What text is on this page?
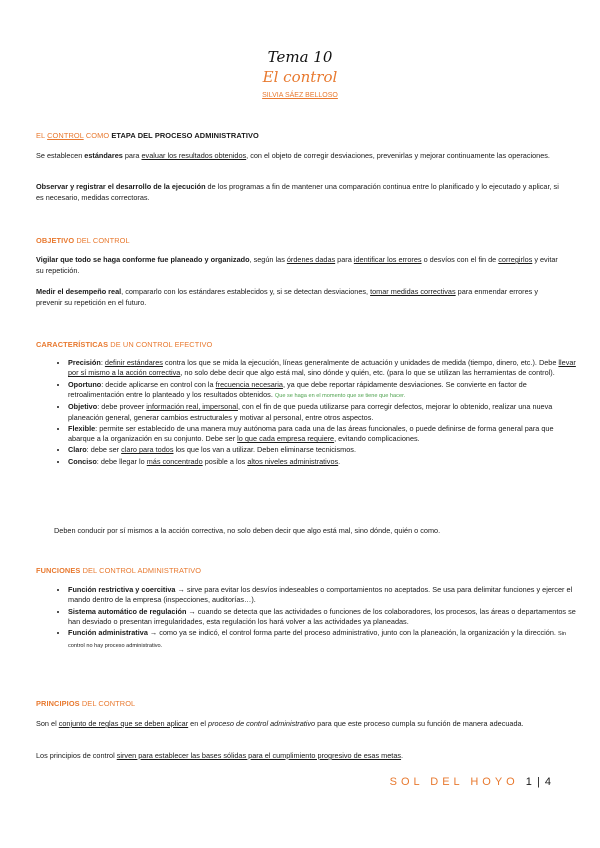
Tema 10
El control
SILVIA SÁEZ BELLOSO
EL CONTROL COMO ETAPA DEL PROCESO ADMINISTRATIVO
Se establecen estándares para evaluar los resultados obtenidos, con el objeto de corregir desviaciones, prevenirlas y mejorar continuamente las operaciones.
Observar y registrar el desarrollo de la ejecución de los programas a fin de mantener una comparación continua entre lo planificado y lo ejecutado y aplicar, si es necesario, medidas correctoras.
OBJETIVO DEL CONTROL
Vigilar que todo se haga conforme fue planeado y organizado, según las órdenes dadas para identificar los errores o desvíos con el fin de corregirlos y evitar su repetición.
Medir el desempeño real, compararlo con los estándares establecidos y, si se detectan desviaciones, tomar medidas correctivas para enmendar errores y prevenir su repetición en el futuro.
CARACTERÍSTICAS DE UN CONTROL EFECTIVO
• Precisión: definir estándares contra los que se mida la ejecución, líneas generalmente de actuación y unidades de medida (tiempo, dinero, etc.). Debe llevar por sí mismo a la acción correctiva, no solo debe decir que algo está mal, sino dónde y quién, etc. (para lo que se utilizan las herramientas de control).
• Oportuno: decide aplicarse en control con la frecuencia necesaria, ya que debe reportar rápidamente desviaciones. Se convierte en factor de retroalimentación entre lo planteado y los resultados obtenidos. Que se haga en el momento que se tiene que hacer.
• Objetivo: debe proveer información real, impersonal, con el fin de que pueda utilizarse para corregir defectos, mejorar lo obtenido, realizar una nueva planeación general, generar cambios estructurales y motivar al personal, entre otros aspectos.
• Flexible: permite ser establecido de una manera muy autónoma para cada una de las áreas funcionales, o puede definirse de forma general para que abarque a la organización en su conjunto. Debe ser lo que cada empresa requiere, evitando complicaciones.
• Claro: debe ser claro para todos los que los van a utilizar. Deben eliminarse tecnicismos.
• Conciso: debe llegar lo más concentrado posible a los altos niveles administrativos.
Deben conducir por sí mismos a la acción correctiva, no solo deben decir que algo está mal, sino dónde, quién o como.
FUNCIONES DEL CONTROL ADMINISTRATIVO
• Función restrictiva y coercitiva → sirve para evitar los desvíos indeseables o comportamientos no aceptados. Se usa para delimitar funciones y ejercer el mando dentro de la empresa (inspecciones, auditorías…).
• Sistema automático de regulación → cuando se detecta que las actividades o funciones de los colaboradores, los procesos, las áreas o departamentos se han desviado o presentan irregularidades, esta regulación los hará volver a las actividades ya planeadas.
• Función administrativa → como ya se indicó, el control forma parte del proceso administrativo, junto con la planeación, la organización y la dirección. Sin control no hay proceso administrativo.
PRINCIPIOS DEL CONTROL
Son el conjunto de reglas que se deben aplicar en el proceso de control administrativo para que este proceso cumpla su función de manera adecuada.
Los principios de control sirven para establecer las bases sólidas para el cumplimiento progresivo de esas metas.
SOL DEL HOYO 1 | 4
